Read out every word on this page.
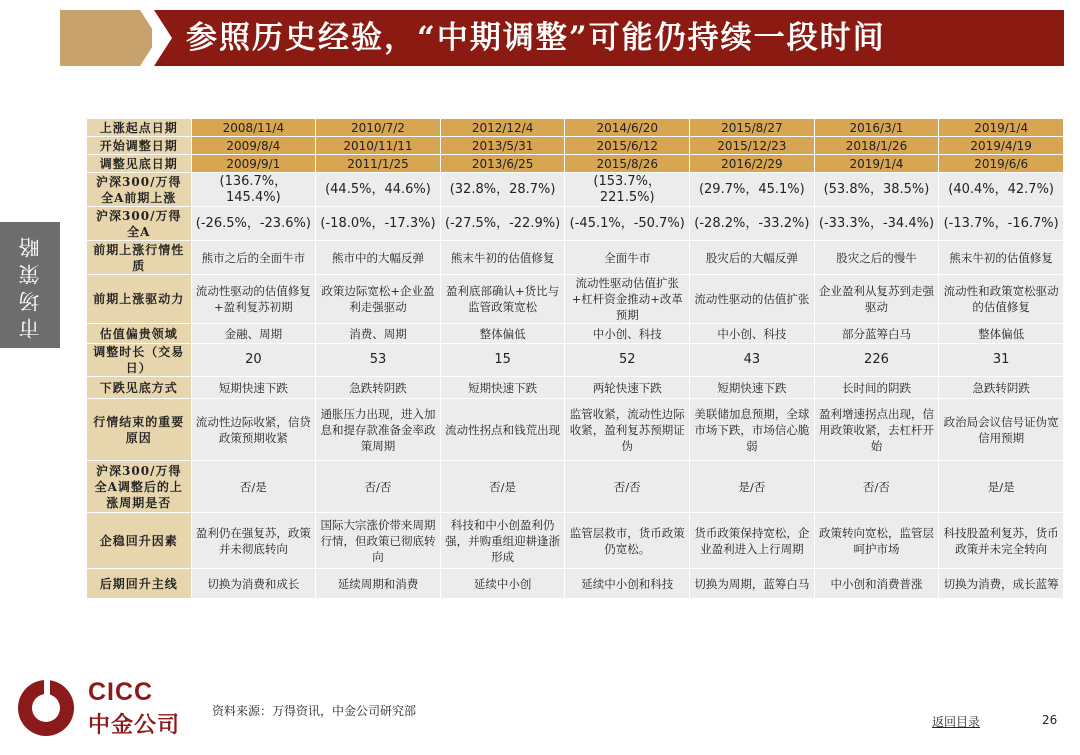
参照历史经验，“中期调整”可能仍持续一段时间
市场策略
上涨起点日期	2008/11/4	2010/7/2	2012/12/4	2014/6/20	2015/8/27	2016/3/1	2019/1/4
开始调整日期	2009/8/4	2010/11/11	2013/5/31	2015/6/12	2015/12/23	2018/1/26	2019/4/19
调整见底日期	2009/9/1	2011/1/25	2013/6/25	2015/8/26	2016/2/29	2019/1/4	2019/6/6
沪深300/万得全A前期上涨	(136.7%，145.4%)	(44.5%，44.6%)	(32.8%，28.7%)	(153.7%，221.5%)	(29.7%，45.1%)	(53.8%，38.5%)	(40.4%，42.7%)
沪深300/万得全A	(-26.5%，-23.6%)	(-18.0%，-17.3%)	(-27.5%，-22.9%)	(-45.1%，-50.7%)	(-28.2%，-33.2%)	(-33.3%，-34.4%)	(-13.7%，-16.7%)
前期上涨行情性质	熊市之后的全面牛市	熊市中的大幅反弹	熊末牛初的估值修复	全面牛市	股灾后的大幅反弹	股灾之后的慢牛	熊末牛初的估值修复
前期上涨驱动力	流动性驱动的估值修复+盈利复苏初期	政策边际宽松+企业盈利走强驱动	盈利底部确认+货比与监管政策宽松	流动性驱动估值扩张+杠杆资金推动+改革预期	流动性驱动的估值扩张	企业盈利从复苏到走强驱动	流动性和政策宽松驱动的估值修复
估值偏贵领域	金融、周期	消费、周期	整体偏低	中小创、科技	中小创、科技	部分蓝筹白马	整体偏低
调整时长（交易日）	20	53	15	52	43	226	31
下跌见底方式	短期快速下跌	急跌转阴跌	短期快速下跌	两轮快速下跌	短期快速下跌	长时间的阴跌	急跌转阴跌
行情结束的重要原因	流动性边际收紧，信贷政策预期收紧	通胀压力出现，进入加息和提存款准备金率政策周期	流动性拐点和钱荒出现	监管收紧，流动性边际收紧，盈利复苏预期证伪	美联储加息预期，全球市场下跌，市场信心脆弱	盈利增速拐点出现，信用政策收紧，去杠杆开始	政治局会议信号证伪宽信用预期
沪深300/万得全A调整后的上涨周期是否	否/是	否/否	否/是	否/否	是/否	否/否	是/是
企稳回升因素	盈利仍在强复苏，政策并未彻底转向	国际大宗涨价带来周期行情，但政策已彻底转向	科技和中小创盈利仍强，并购重组迎耕逢浙形成	监管层救市，货币政策仍宽松。	货币政策保持宽松，企业盈利进入上行周期	政策转向宽松，监管层呵护市场	科技股盈利复苏，货币政策并未完全转向
后期回升主线	切换为消费和成长	延续周期和消费	延续中小创	延续中小创和科技	切换为周期，蓝筹白马	中小创和消费普涨	切换为消费，成长蓝筹
CICC
中金公司
资料来源：万得资讯，中金公司研究部
返回目录	26
